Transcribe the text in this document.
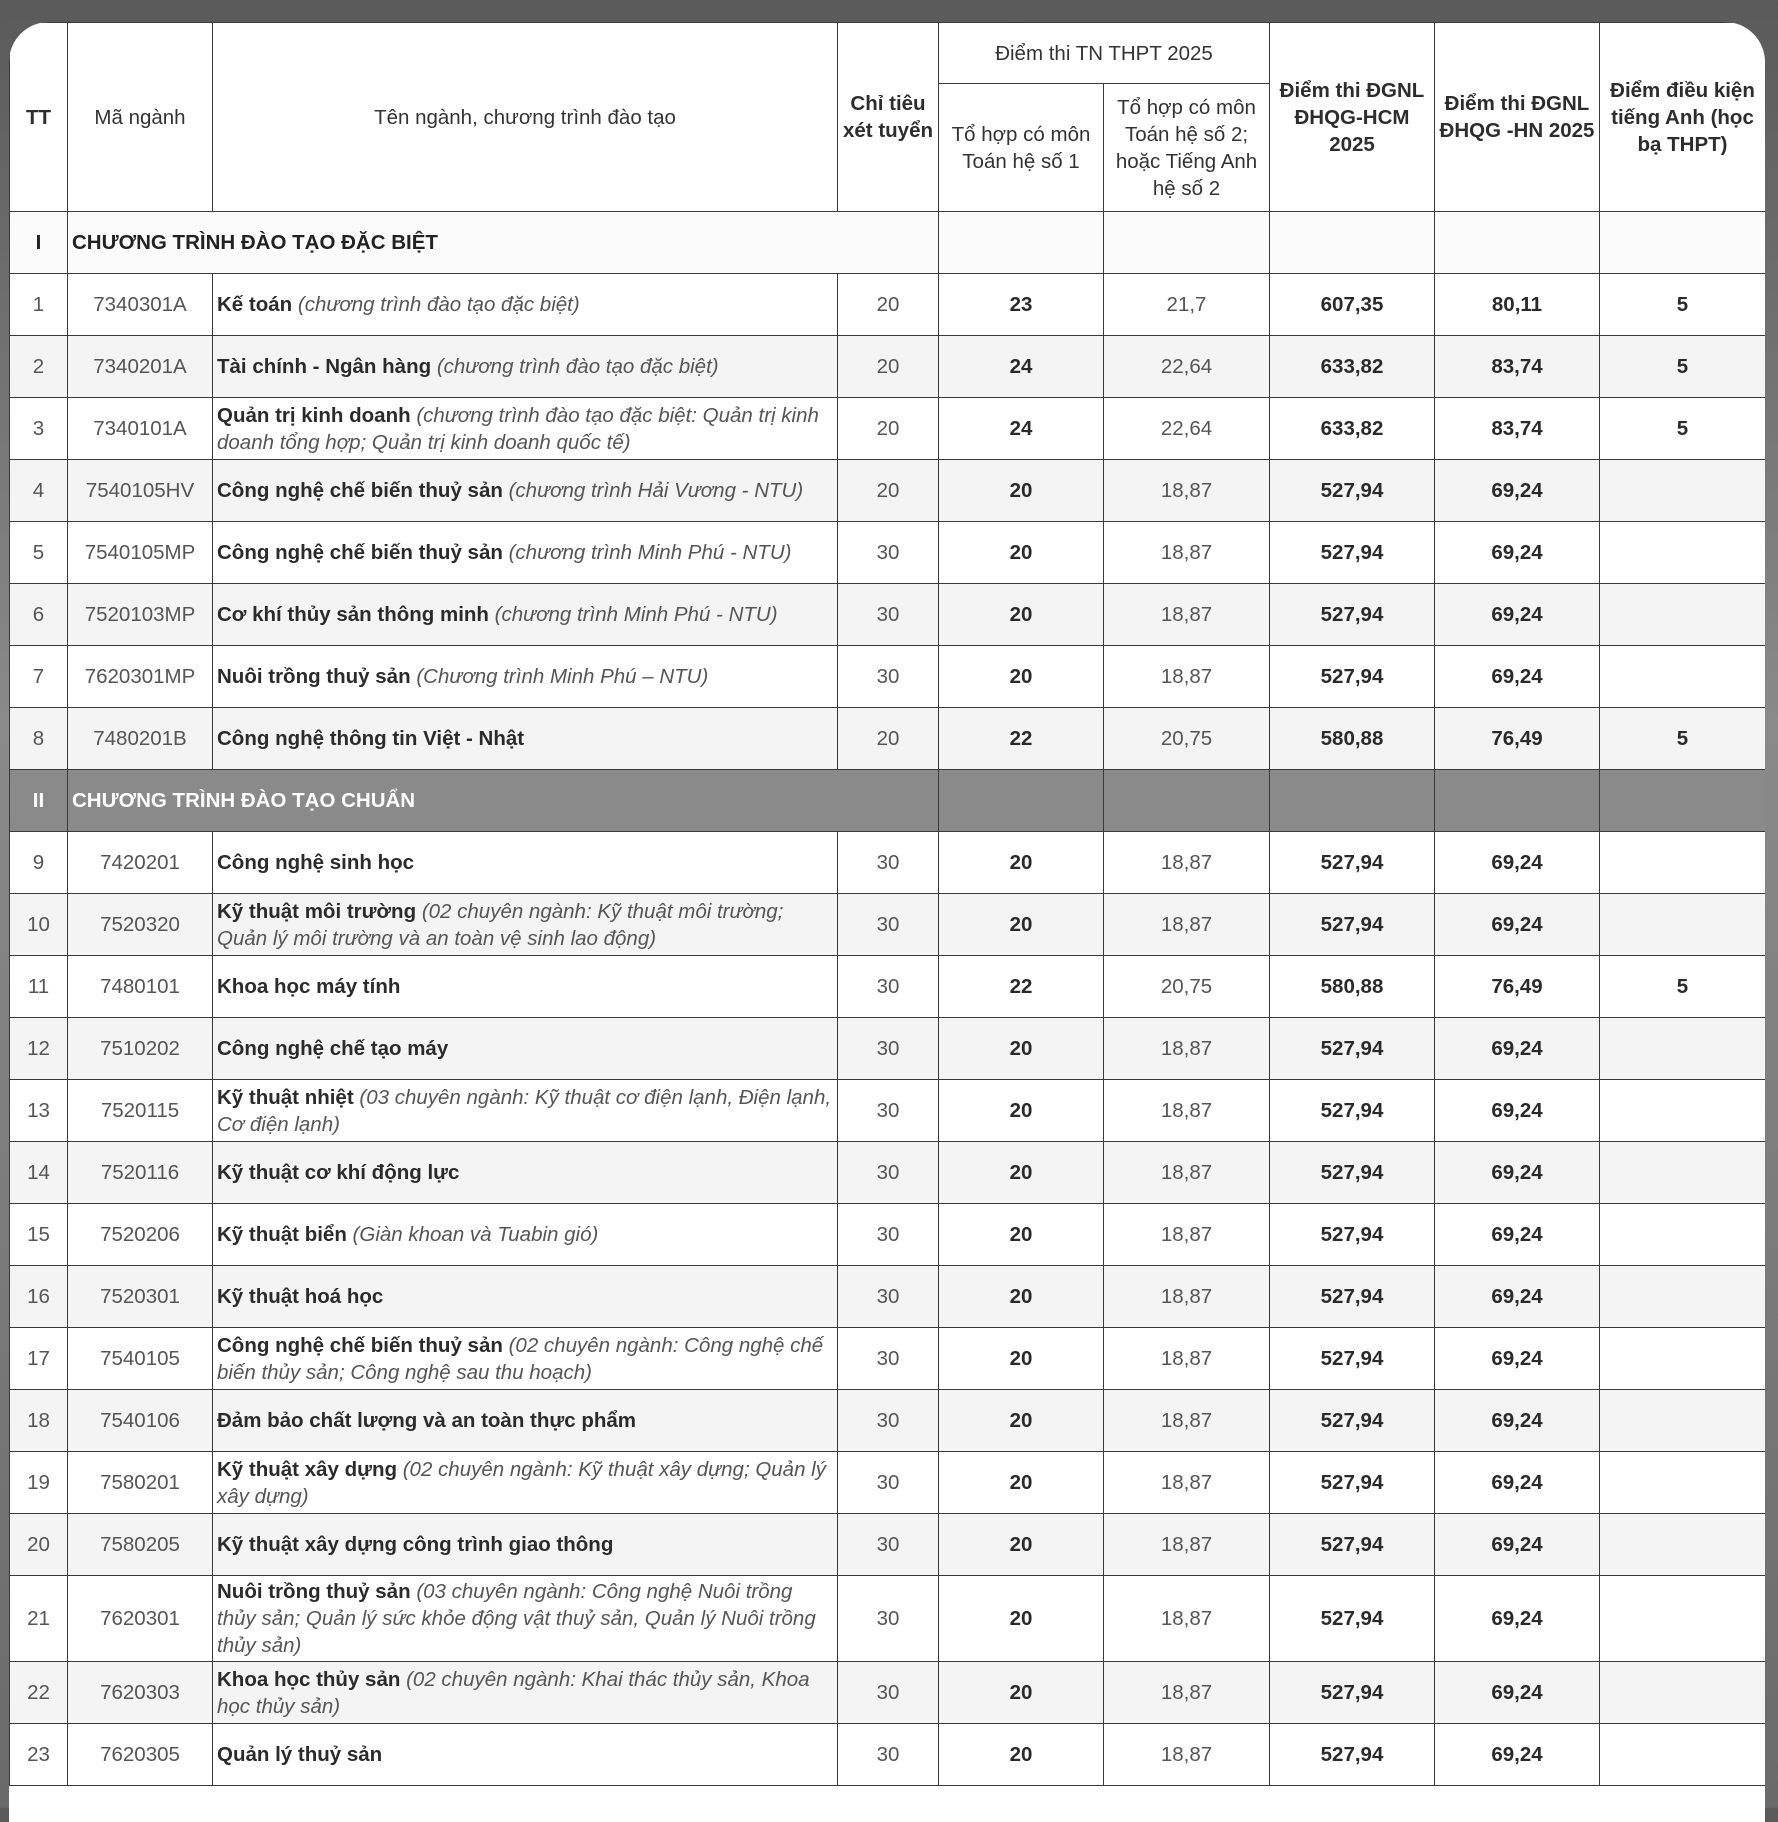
TT	Mã ngành	Tên ngành, chương trình đào tạo	Chỉ tiêu xét tuyển	Điểm thi TN THPT 2025		Điểm thi ĐGNL ĐHQG-HCM 2025	Điểm thi ĐGNL ĐHQG -HN 2025	Điểm điều kiện tiếng Anh (học bạ THPT)
				Tổ hợp có môn Toán hệ số 1	Tổ hợp có môn Toán hệ số 2; hoặc Tiếng Anh hệ số 2			
I	CHƯƠNG TRÌNH ĐÀO TẠO ĐẶC BIỆT							
1	7340301A	Kế toán (chương trình đào tạo đặc biệt)	20	23	21,7	607,35	80,11	5
2	7340201A	Tài chính - Ngân hàng (chương trình đào tạo đặc biệt)	20	24	22,64	633,82	83,74	5
3	7340101A	Quản trị kinh doanh (chương trình đào tạo đặc biệt: Quản trị kinh doanh tổng hợp; Quản trị kinh doanh quốc tế)	20	24	22,64	633,82	83,74	5
4	7540105HV	Công nghệ chế biến thuỷ sản (chương trình Hải Vương - NTU)	20	20	18,87	527,94	69,24	
5	7540105MP	Công nghệ chế biến thuỷ sản (chương trình Minh Phú - NTU)	30	20	18,87	527,94	69,24	
6	7520103MP	Cơ khí thủy sản thông minh (chương trình Minh Phú - NTU)	30	20	18,87	527,94	69,24	
7	7620301MP	Nuôi trồng thuỷ sản (Chương trình Minh Phú – NTU)	30	20	18,87	527,94	69,24	
8	7480201B	Công nghệ thông tin Việt - Nhật	20	22	20,75	580,88	76,49	5
II	CHƯƠNG TRÌNH ĐÀO TẠO CHUẨN							
9	7420201	Công nghệ sinh học	30	20	18,87	527,94	69,24	
10	7520320	Kỹ thuật môi trường (02 chuyên ngành: Kỹ thuật môi trường; Quản lý môi trường và an toàn vệ sinh lao động)	30	20	18,87	527,94	69,24	
11	7480101	Khoa học máy tính	30	22	20,75	580,88	76,49	5
12	7510202	Công nghệ chế tạo máy	30	20	18,87	527,94	69,24	
13	7520115	Kỹ thuật nhiệt (03 chuyên ngành: Kỹ thuật cơ điện lạnh, Điện lạnh, Cơ điện lạnh)	30	20	18,87	527,94	69,24	
14	7520116	Kỹ thuật cơ khí động lực	30	20	18,87	527,94	69,24	
15	7520206	Kỹ thuật biển (Giàn khoan và Tuabin gió)	30	20	18,87	527,94	69,24	
16	7520301	Kỹ thuật hoá học	30	20	18,87	527,94	69,24	
17	7540105	Công nghệ chế biến thuỷ sản (02 chuyên ngành: Công nghệ chế biến thủy sản; Công nghệ sau thu hoạch)	30	20	18,87	527,94	69,24	
18	7540106	Đảm bảo chất lượng và an toàn thực phẩm	30	20	18,87	527,94	69,24	
19	7580201	Kỹ thuật xây dựng (02 chuyên ngành: Kỹ thuật xây dựng; Quản lý xây dựng)	30	20	18,87	527,94	69,24	
20	7580205	Kỹ thuật xây dựng công trình giao thông	30	20	18,87	527,94	69,24	
21	7620301	Nuôi trồng thuỷ sản (03 chuyên ngành: Công nghệ Nuôi trồng thủy sản; Quản lý sức khỏe động vật thuỷ sản, Quản lý Nuôi trồng thủy sản)	30	20	18,87	527,94	69,24	
22	7620303	Khoa học thủy sản (02 chuyên ngành: Khai thác thủy sản, Khoa học thủy sản)	30	20	18,87	527,94	69,24	
23	7620305	Quản lý thuỷ sản	30	20	18,87	527,94	69,24	
